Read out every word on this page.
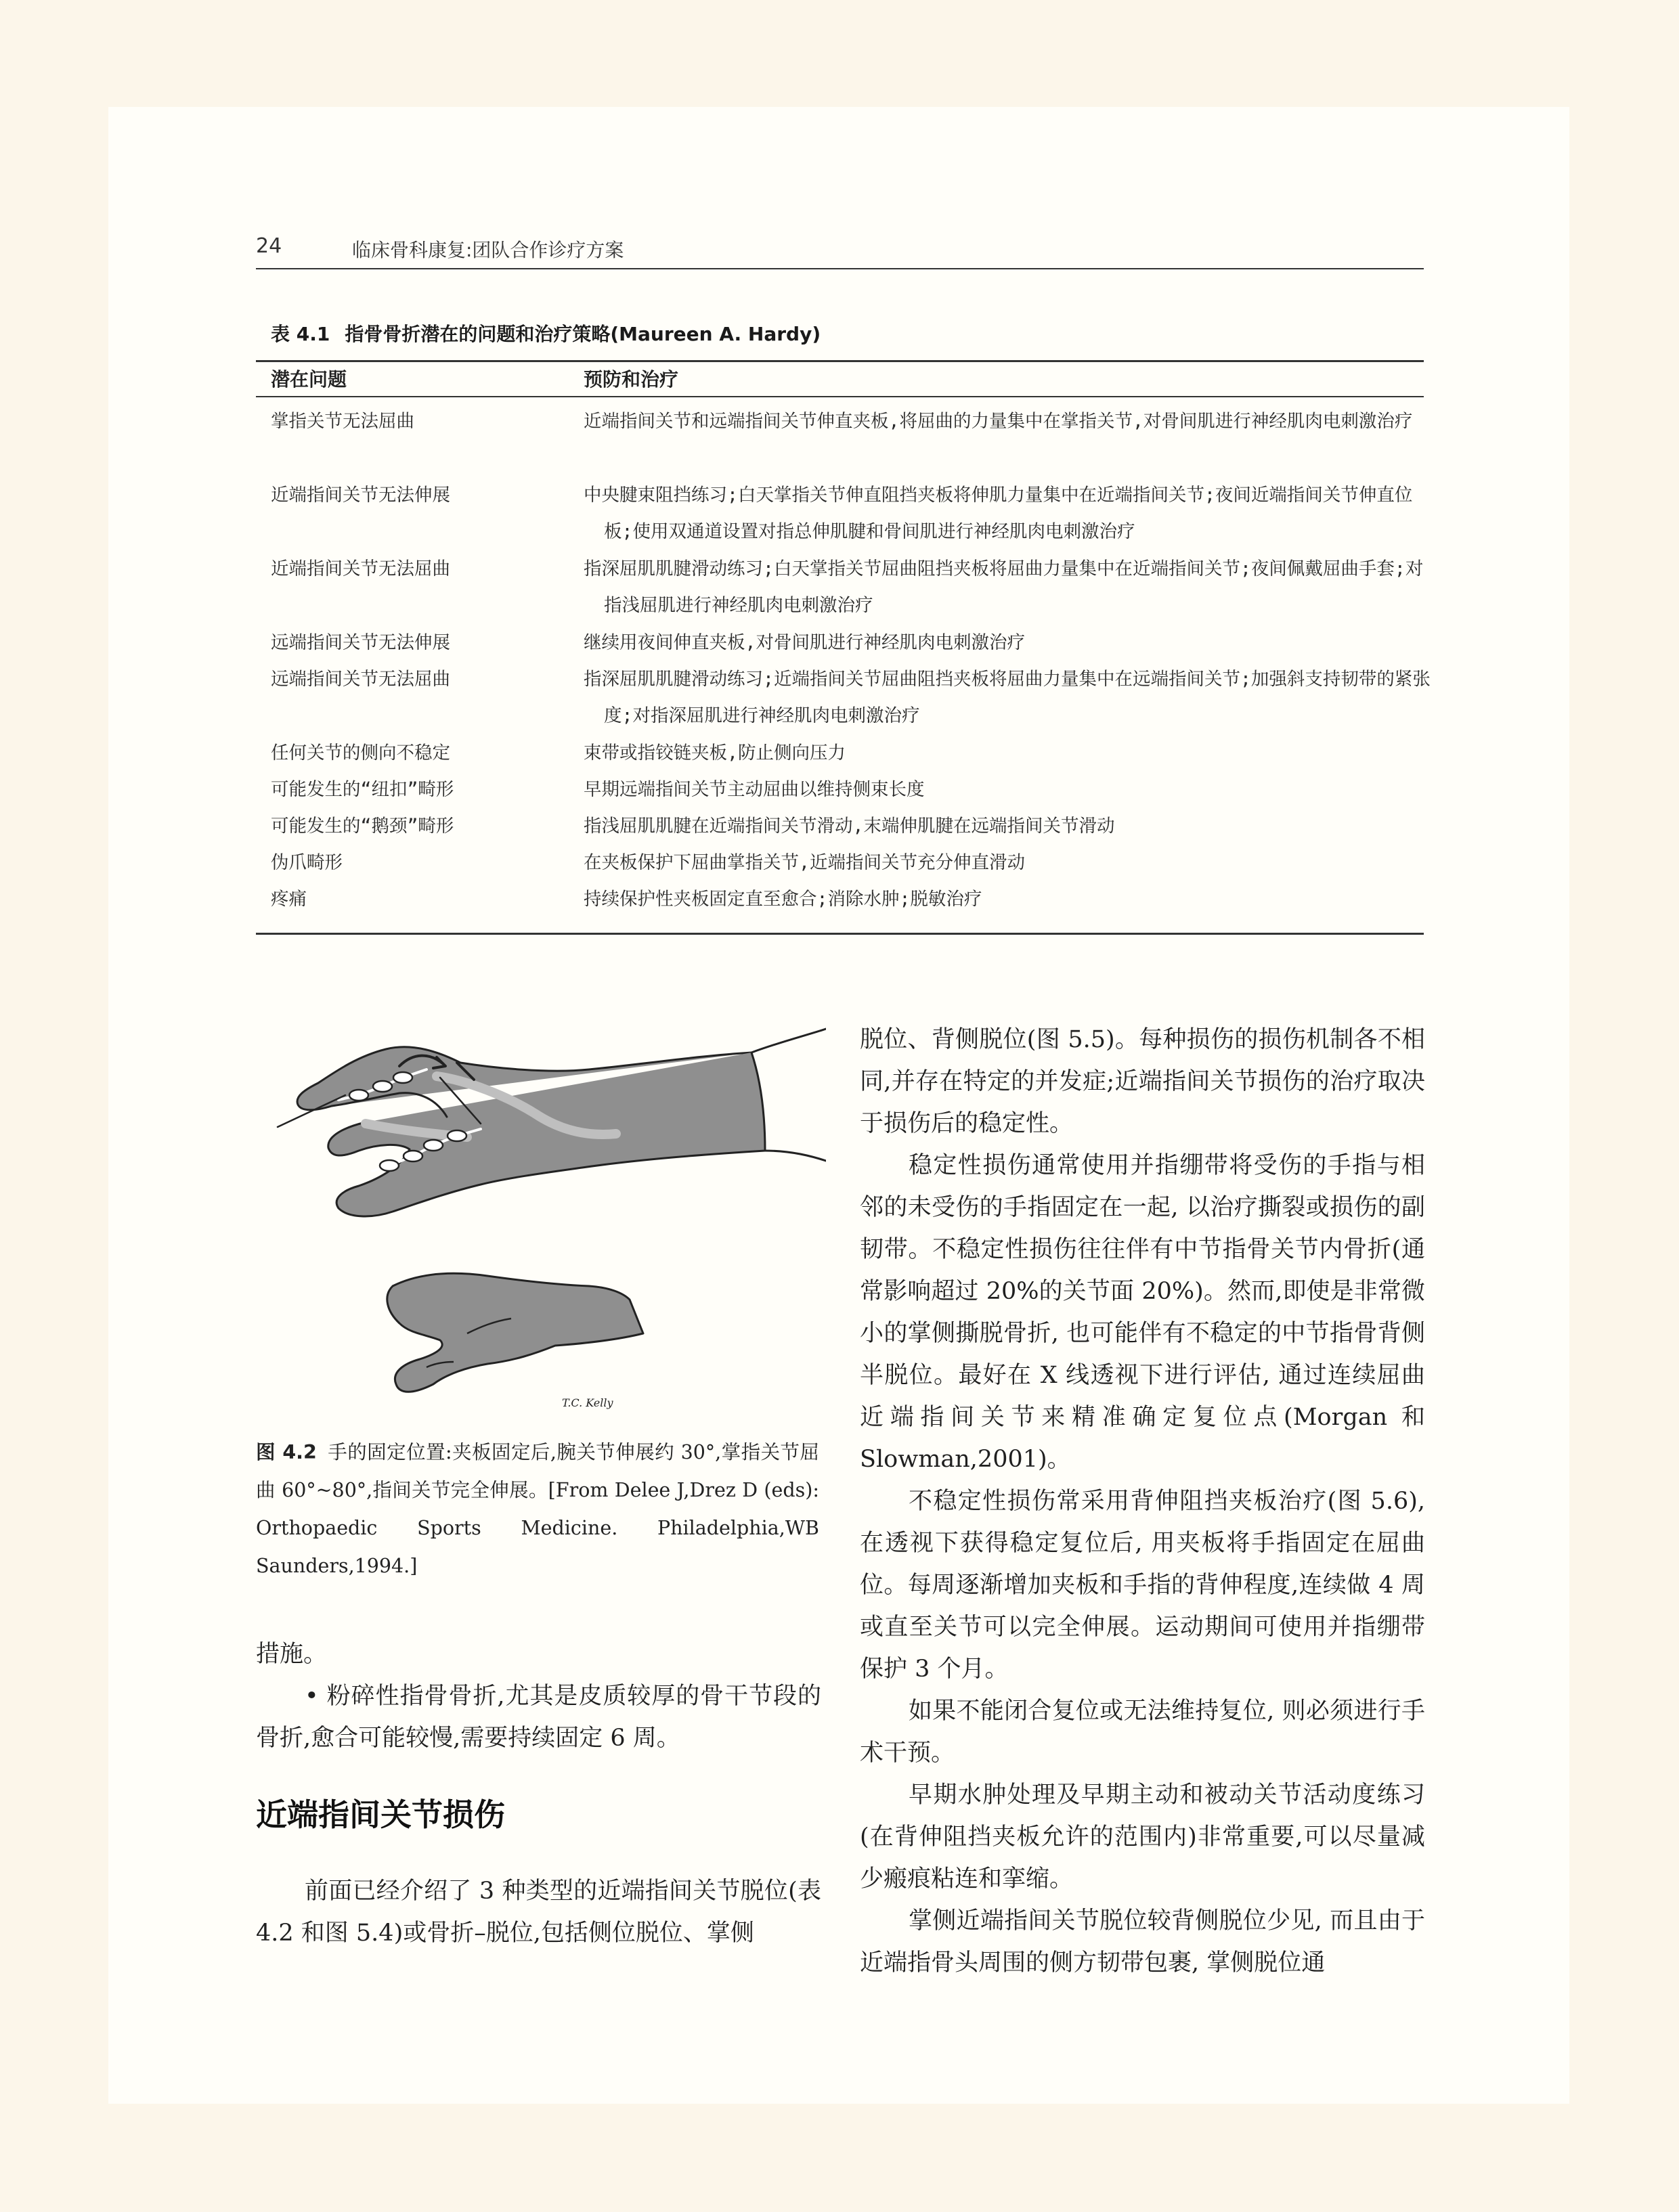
24	临床骨科康复:团队合作诊疗方案
表 4.1 指骨骨折潜在的问题和治疗策略(Maureen A. Hardy)
潜在问题	预防和治疗
掌指关节无法屈曲	近端指间关节和远端指间关节伸直夹板,将屈曲的力量集中在掌指关节,对骨间肌进行神经肌肉电刺激治疗
近端指间关节无法伸展	中央腱束阻挡练习;白天掌指关节伸直阻挡夹板将伸肌力量集中在近端指间关节;夜间近端指间关节伸直位板;使用双通道设置对指总伸肌腱和骨间肌进行神经肌肉电刺激治疗
近端指间关节无法屈曲	指深屈肌肌腱滑动练习;白天掌指关节屈曲阻挡夹板将屈曲力量集中在近端指间关节;夜间佩戴屈曲手套;对指浅屈肌进行神经肌肉电刺激治疗
远端指间关节无法伸展	继续用夜间伸直夹板,对骨间肌进行神经肌肉电刺激治疗
远端指间关节无法屈曲	指深屈肌肌腱滑动练习;近端指间关节屈曲阻挡夹板将屈曲力量集中在远端指间关节;加强斜支持韧带的紧张度;对指深屈肌进行神经肌肉电刺激治疗
任何关节的侧向不稳定	束带或指铰链夹板,防止侧向压力
可能发生的“纽扣”畸形	早期远端指间关节主动屈曲以维持侧束长度
可能发生的“鹅颈”畸形	指浅屈肌肌腱在近端指间关节滑动,末端伸肌腱在远端指间关节滑动
伪爪畸形	在夹板保护下屈曲掌指关节,近端指间关节充分伸直滑动
疼痛	持续保护性夹板固定直至愈合;消除水肿;脱敏治疗
T.C. Kelly
图 4.2 手的固定位置:夹板固定后,腕关节伸展约 30°,掌指关节屈曲 60°~80°,指间关节完全伸展。[From Delee J,Drez D (eds): Orthopaedic Sports Medicine. Philadelphia,WB Saunders,1994.]

措施。

• 粉碎性指骨骨折,尤其是皮质较厚的骨干节段的骨折,愈合可能较慢,需要持续固定 6 周。

近端指间关节损伤

前面已经介绍了 3 种类型的近端指间关节脱位(表 4.2 和图 5.4)或骨折–脱位,包括侧位脱位、掌侧

脱位、背侧脱位(图 5.5)。每种损伤的损伤机制各不相同,并存在特定的并发症;近端指间关节损伤的治疗取决于损伤后的稳定性。

稳定性损伤通常使用并指绷带将受伤的手指与相邻的未受伤的手指固定在一起, 以治疗撕裂或损伤的副韧带。不稳定性损伤往往伴有中节指骨关节内骨折(通常影响超过 20%的关节面 20%)。然而,即使是非常微小的掌侧撕脱骨折, 也可能伴有不稳定的中节指骨背侧半脱位。最好在 X 线透视下进行评估, 通过连续屈曲近端指间关节来精准确定复位点(Morgan 和 Slowman,2001)。

不稳定性损伤常采用背伸阻挡夹板治疗(图 5.6),在透视下获得稳定复位后, 用夹板将手指固定在屈曲位。每周逐渐增加夹板和手指的背伸程度,连续做 4 周或直至关节可以完全伸展。运动期间可使用并指绷带保护 3 个月。

如果不能闭合复位或无法维持复位, 则必须进行手术干预。

早期水肿处理及早期主动和被动关节活动度练习(在背伸阻挡夹板允许的范围内)非常重要,可以尽量减少瘢痕粘连和挛缩。

掌侧近端指间关节脱位较背侧脱位少见, 而且由于近端指骨头周围的侧方韧带包裹, 掌侧脱位通
